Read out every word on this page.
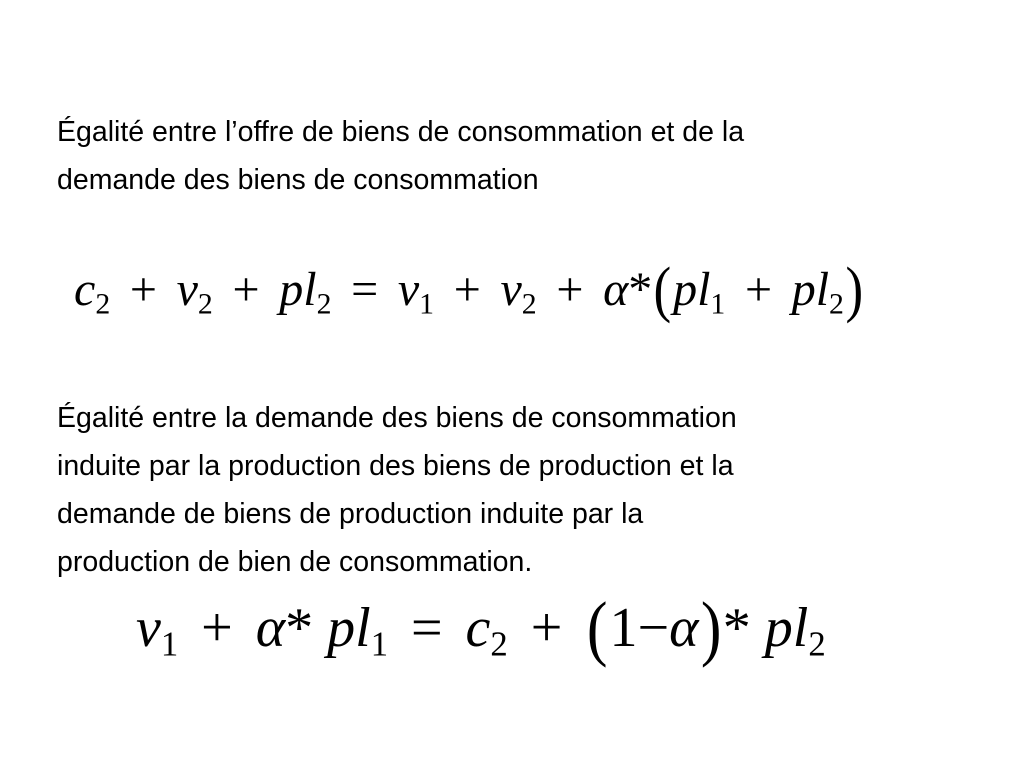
Égalité entre l’offre de biens de consommation et de la
demande des biens de consommation

$c_2 + v_2 + pl_2 = v_1 + v_2 + \alpha*(pl_1 + pl_2)$

Égalité entre la demande des biens de consommation
induite par la production des biens de production et la
demande de biens de production induite par la
production de bien de consommation.

$v_1 + \alpha*$ $pl_1 = c_2 + (1-\alpha)*$ $pl_2$
